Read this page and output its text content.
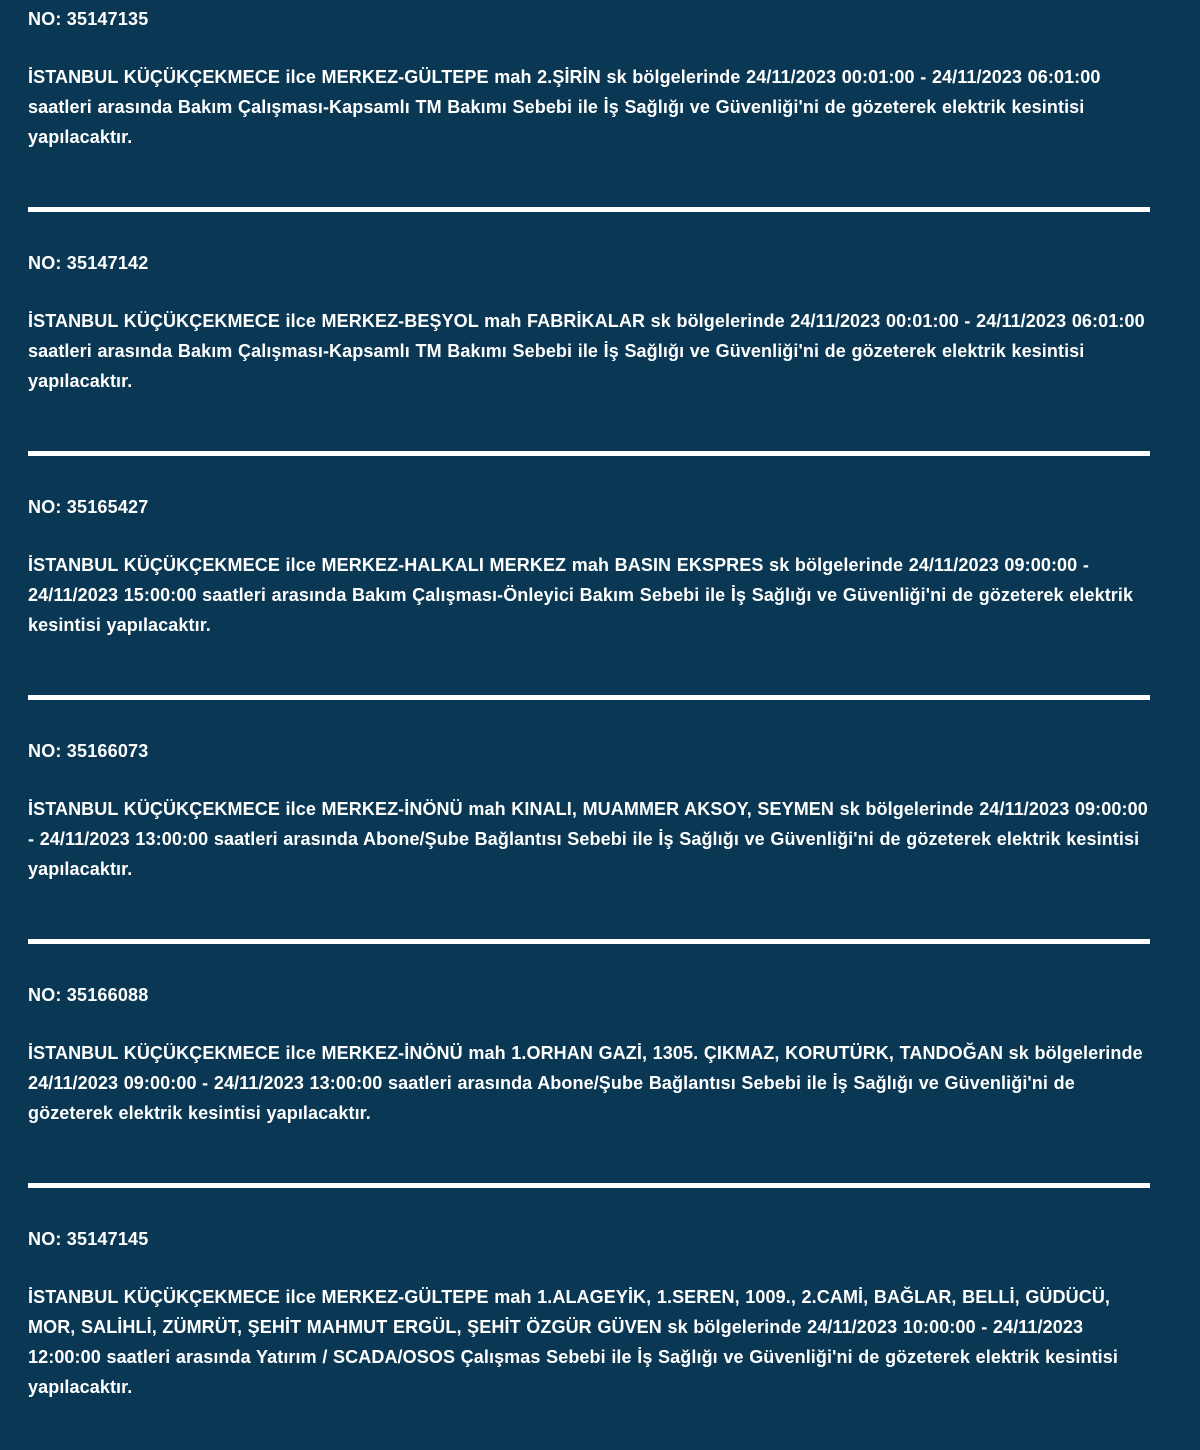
NO: 35147135

İSTANBUL KÜÇÜKÇEKMECE ilce MERKEZ-GÜLTEPE mah 2.ŞİRİN sk bölgelerinde 24/11/2023 00:01:00 - 24/11/2023 06:01:00 saatleri arasında Bakım Çalışması-Kapsamlı TM Bakımı Sebebi ile İş Sağlığı ve Güvenliği'ni de gözeterek elektrik kesintisi yapılacaktır.

NO: 35147142

İSTANBUL KÜÇÜKÇEKMECE ilce MERKEZ-BEŞYOL mah FABRİKALAR sk bölgelerinde 24/11/2023 00:01:00 - 24/11/2023 06:01:00 saatleri arasında Bakım Çalışması-Kapsamlı TM Bakımı Sebebi ile İş Sağlığı ve Güvenliği'ni de gözeterek elektrik kesintisi yapılacaktır.

NO: 35165427

İSTANBUL KÜÇÜKÇEKMECE ilce MERKEZ-HALKALI MERKEZ mah BASIN EKSPRES sk bölgelerinde 24/11/2023 09:00:00 - 24/11/2023 15:00:00 saatleri arasında Bakım Çalışması-Önleyici Bakım Sebebi ile İş Sağlığı ve Güvenliği'ni de gözeterek elektrik kesintisi yapılacaktır.

NO: 35166073

İSTANBUL KÜÇÜKÇEKMECE ilce MERKEZ-İNÖNÜ mah KINALI, MUAMMER AKSOY, SEYMEN sk bölgelerinde 24/11/2023 09:00:00 - 24/11/2023 13:00:00 saatleri arasında Abone/Şube Bağlantısı Sebebi ile İş Sağlığı ve Güvenliği'ni de gözeterek elektrik kesintisi yapılacaktır.

NO: 35166088

İSTANBUL KÜÇÜKÇEKMECE ilce MERKEZ-İNÖNÜ mah 1.ORHAN GAZİ, 1305. ÇIKMAZ, KORUTÜRK, TANDOĞAN sk bölgelerinde 24/11/2023 09:00:00 - 24/11/2023 13:00:00 saatleri arasında Abone/Şube Bağlantısı Sebebi ile İş Sağlığı ve Güvenliği'ni de gözeterek elektrik kesintisi yapılacaktır.

NO: 35147145

İSTANBUL KÜÇÜKÇEKMECE ilce MERKEZ-GÜLTEPE mah 1.ALAGEYİK, 1.SEREN, 1009., 2.CAMİ, BAĞLAR, BELLİ, GÜDÜCÜ, MOR, SALİHLİ, ZÜMRÜT, ŞEHİT MAHMUT ERGÜL, ŞEHİT ÖZGÜR GÜVEN sk bölgelerinde 24/11/2023 10:00:00 - 24/11/2023 12:00:00 saatleri arasında Yatırım / SCADA/OSOS Çalışmas Sebebi ile İş Sağlığı ve Güvenliği'ni de gözeterek elektrik kesintisi yapılacaktır.
